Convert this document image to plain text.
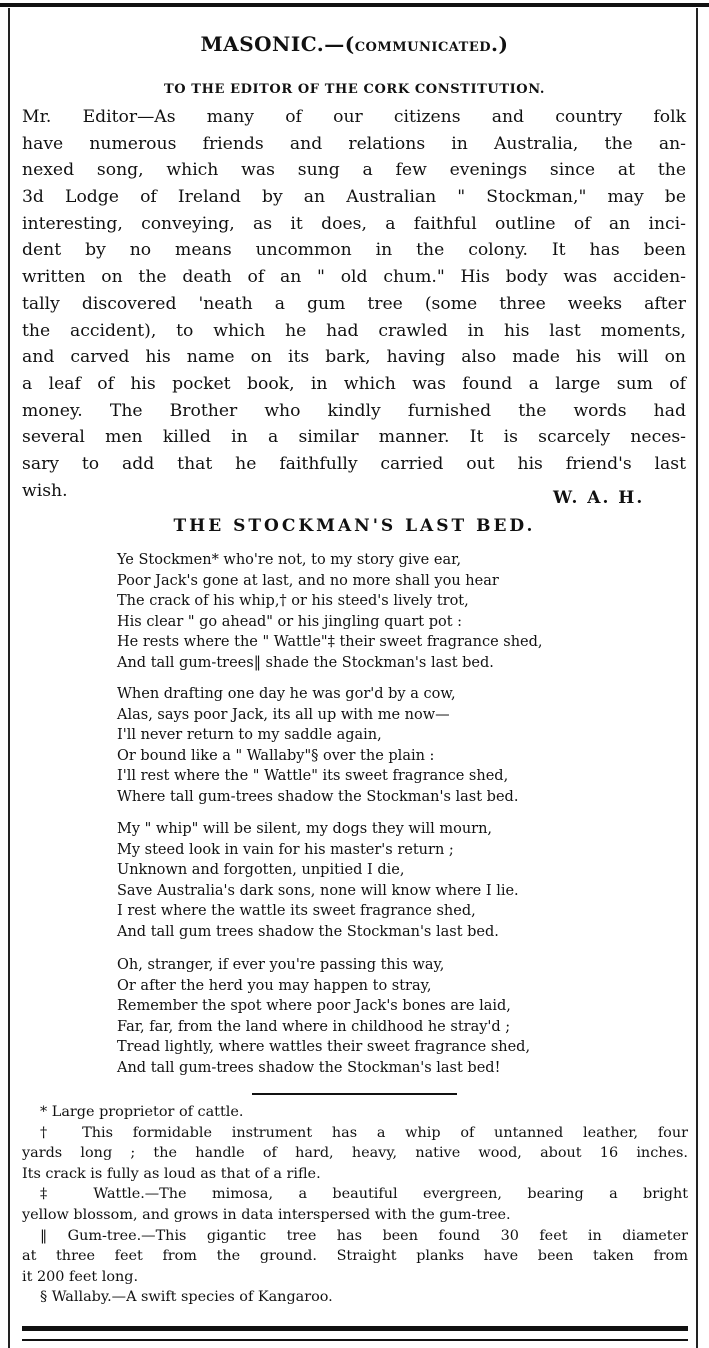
MASONIC.—(communicated.)
TO THE EDITOR OF THE CORK CONSTITUTION.
Mr. Editor—As many of our citizens and country folk
have numerous friends and relations in Australia, the an-
nexed song, which was sung a few evenings since at the
3d Lodge of Ireland by an Australian " Stockman," may be
interesting, conveying, as it does, a faithful outline of an inci-
dent by no means uncommon in the colony. It has been
written on the death of an " old chum." His body was acciden-
tally discovered 'neath a gum tree (some three weeks after
the accident), to which he had crawled in his last moments,
and carved his name on its bark, having also made his will on
a leaf of his pocket book, in which was found a large sum of
money. The Brother who kindly furnished the words had
several men killed in a similar manner. It is scarcely neces-
sary to add that he faithfully carried out his friend's last
wish.	W. A. H.
THE STOCKMAN'S LAST BED.
Ye Stockmen* who're not, to my story give ear,
Poor Jack's gone at last, and no more shall you hear
The crack of his whip,† or his steed's lively trot,
His clear " go ahead" or his jingling quart pot :
He rests where the " Wattle"‡ their sweet fragrance shed,
And tall gum-trees‖ shade the Stockman's last bed.
When drafting one day he was gor'd by a cow,
Alas, says poor Jack, its all up with me now—
I'll never return to my saddle again,
Or bound like a " Wallaby"§ over the plain :
I'll rest where the " Wattle" its sweet fragrance shed,
Where tall gum-trees shadow the Stockman's last bed.
My " whip" will be silent, my dogs they will mourn,
My steed look in vain for his master's return ;
Unknown and forgotten, unpitied I die,
Save Australia's dark sons, none will know where I lie.
I rest where the wattle its sweet fragrance shed,
And tall gum trees shadow the Stockman's last bed.
Oh, stranger, if ever you're passing this way,
Or after the herd you may happen to stray,
Remember the spot where poor Jack's bones are laid,
Far, far, from the land where in childhood he stray'd ;
Tread lightly, where wattles their sweet fragrance shed,
And tall gum-trees shadow the Stockman's last bed!
* Large proprietor of cattle.
† This formidable instrument has a whip of untanned leather, four
yards long ; the handle of hard, heavy, native wood, about 16 inches.
Its crack is fully as loud as that of a rifle.
‡ Wattle.—The mimosa, a beautiful evergreen, bearing a bright
yellow blossom, and grows in data interspersed with the gum-tree.
‖ Gum-tree.—This gigantic tree has been found 30 feet in diameter
at three feet from the ground. Straight planks have been taken from
it 200 feet long.
§ Wallaby.—A swift species of Kangaroo.
